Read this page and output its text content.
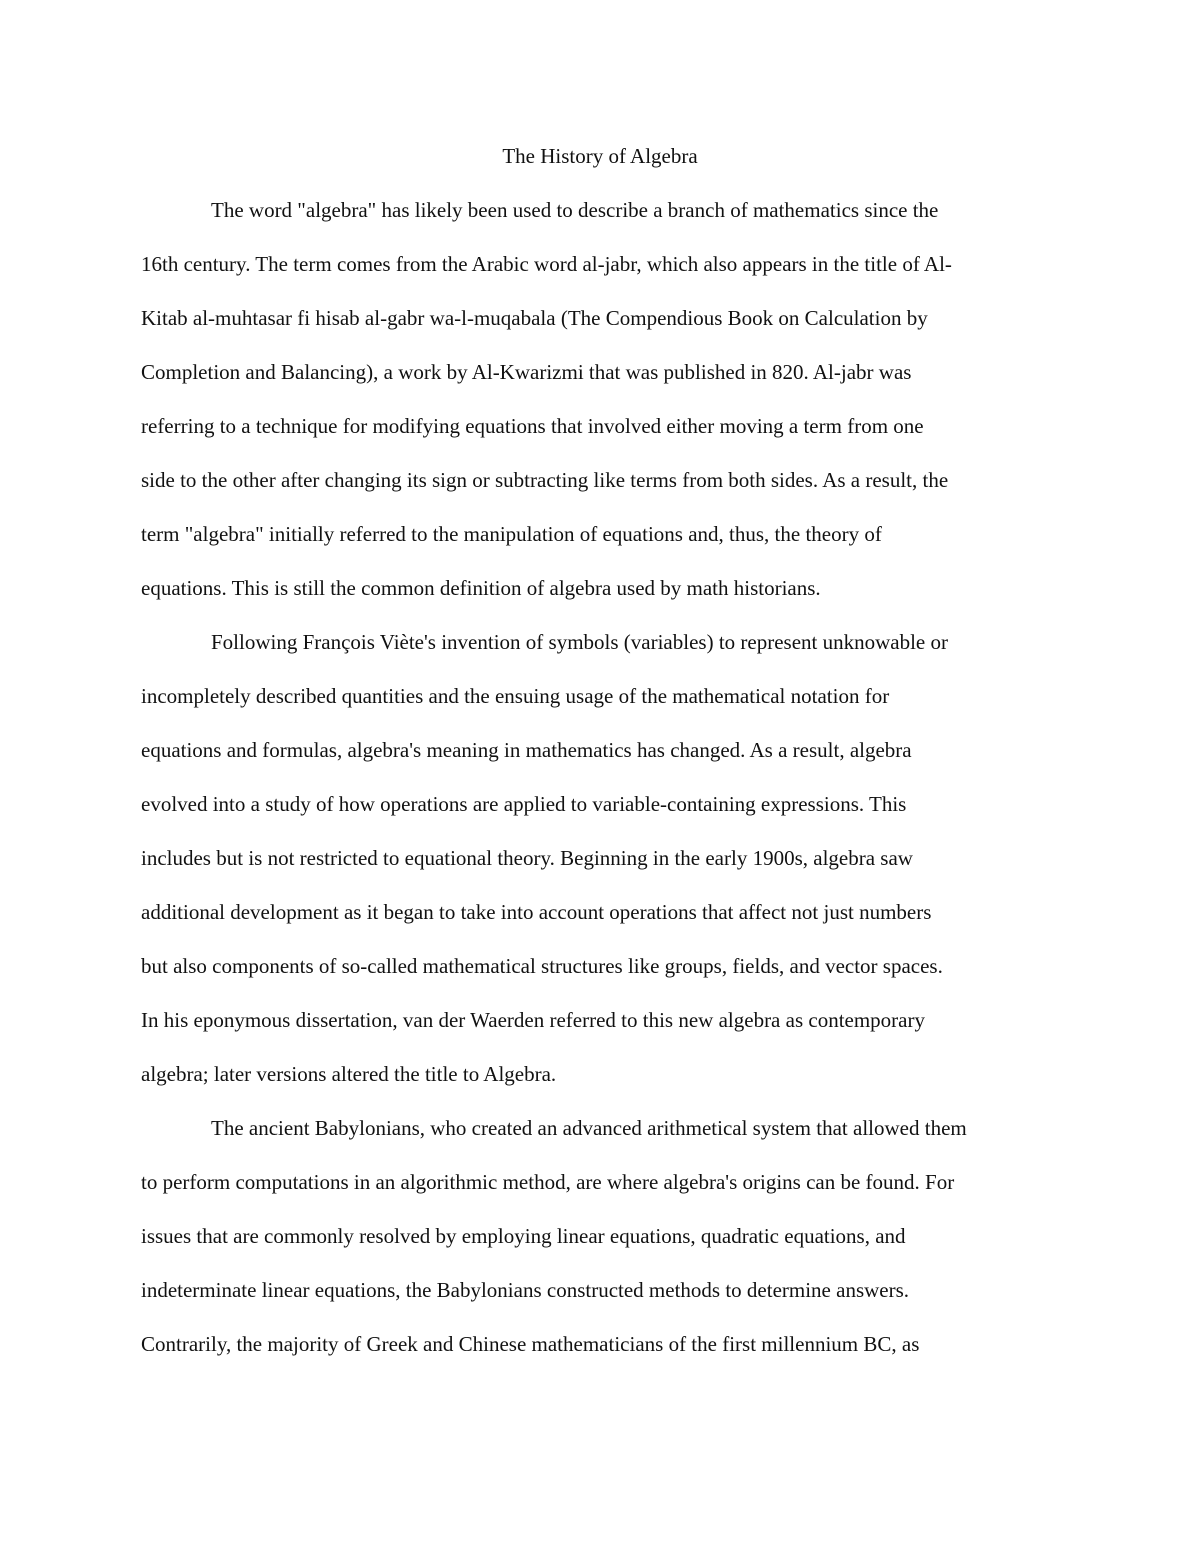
The History of Algebra
The word "algebra" has likely been used to describe a branch of mathematics since the
16th century. The term comes from the Arabic word al-jabr, which also appears in the title of Al-
Kitab al-muhtasar fi hisab al-gabr wa-l-muqabala (The Compendious Book on Calculation by
Completion and Balancing), a work by Al-Kwarizmi that was published in 820. Al-jabr was
referring to a technique for modifying equations that involved either moving a term from one
side to the other after changing its sign or subtracting like terms from both sides. As a result, the
term "algebra" initially referred to the manipulation of equations and, thus, the theory of
equations. This is still the common definition of algebra used by math historians.
Following François Viète's invention of symbols (variables) to represent unknowable or
incompletely described quantities and the ensuing usage of the mathematical notation for
equations and formulas, algebra's meaning in mathematics has changed. As a result, algebra
evolved into a study of how operations are applied to variable-containing expressions. This
includes but is not restricted to equational theory. Beginning in the early 1900s, algebra saw
additional development as it began to take into account operations that affect not just numbers
but also components of so-called mathematical structures like groups, fields, and vector spaces.
In his eponymous dissertation, van der Waerden referred to this new algebra as contemporary
algebra; later versions altered the title to Algebra.
The ancient Babylonians, who created an advanced arithmetical system that allowed them
to perform computations in an algorithmic method, are where algebra's origins can be found. For
issues that are commonly resolved by employing linear equations, quadratic equations, and
indeterminate linear equations, the Babylonians constructed methods to determine answers.
Contrarily, the majority of Greek and Chinese mathematicians of the first millennium BC, as
